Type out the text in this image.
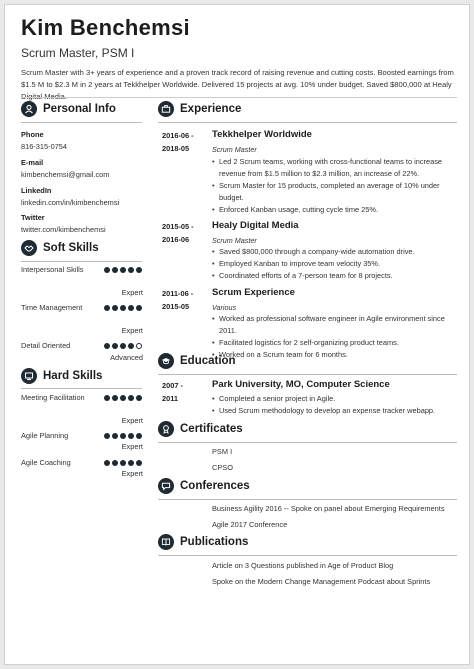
Kim Benchemsi
Scrum Master, PSM I
Scrum Master with 3+ years of experience and a proven track record of raising revenue and cutting costs. Boosted earnings from $1.5 M to $2.3 M in 2 years at Tekkhelper Worldwide. Delivered 15 projects at avg. 10% under budget. Saved $800,000 at Healy
Personal Info
Phone
816-315-0754
E-mail
kimbenchemsi@gmail.com
LinkedIn
linkedin.com/in/kimbenchemsi
Twitter
twitter.com/kimbenchemsi
Soft Skills
Interpersonal Skills
Expert
Time Management
Expert
Detail Oriented
Advanced
Hard Skills
Meeting Facilitation
Expert
Agile Planning
Expert
Agile Coaching
Expert
Experience
2016-06 -
2018-05
Tekkhelper Worldwide
Scrum Master
• Led 2 Scrum teams, working with cross-functional teams to increase revenue from $1.5 million to $2.3 million, an increase of 22%.
• Scrum Master for 15 products, completed an average of 10% under budget.
• Enforced Kanban usage, cutting cycle time 25%.
2015-05 -
2016-06
Healy Digital Media
Scrum Master
• Saved $800,000 through a company-wide automation drive.
• Employed Kanban to improve team velocity 35%.
• Coordinated efforts of a 7-person team for 8 projects.
2011-06 -
2015-05
Scrum Experience
Various
• Worked as professional software engineer in Agile environment since 2011.
• Facilitated logistics for 2 self-organizing product teams.
• Worked on a Scrum team for 6 months.
Education
2007 -
2011
Park University, MO, Computer Science
• Completed a senior project in Agile.
• Used Scrum methodology to develop an expense tracker webapp.
Certificates
PSM I
CPSO
Conferences
Business Agility 2016 -- Spoke on panel about Emerging Requirements
Agile 2017 Conference
Publications
Article on 3 Questions published in Age of Product Blog
Spoke on the Modern Change Management Podcast about Sprints
